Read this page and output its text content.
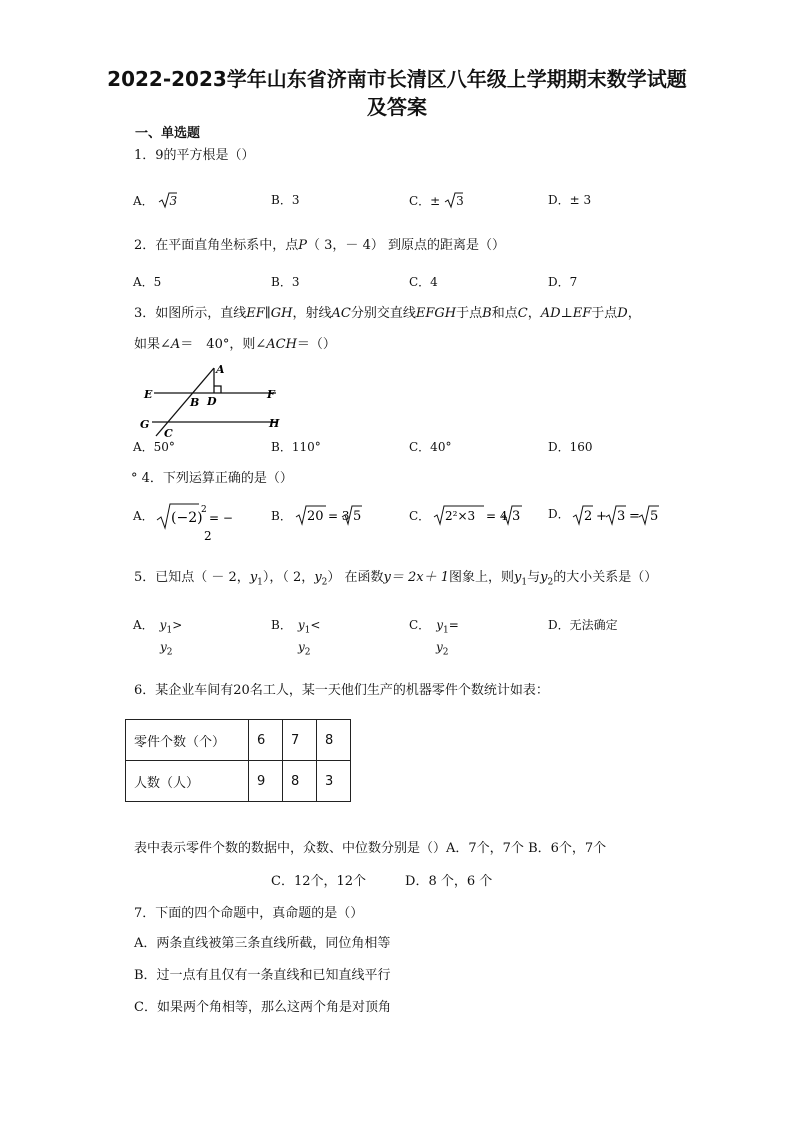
2022-2023学年山东省济南市长清区八年级上学期期末数学试题
及答案
一、单选题
1．9的平方根是（）
A． 3	B．3	C．± 3	D．± 3
2．在平面直角坐标系中，点P（ 3，－ 4） 到原点的距离是（）
A．5	B．3	C．4	D．7
3．如图所示，直线EF∥GH，射线AC分别交直线EFGH于点B和点C，AD⊥EF于点D，
如果∠A＝　40°，则∠ACH＝（）
A
E
B D
F
G	H
C
A．50°	B．110°	C．40°	D．160
° 4．下列运算正确的是（）
A． (−2)
2
= −
2
B． 20 = 3 5	C． 2²×3 = 4 3 D． 2 + 3 = 5
5．已知点（ － 2，$y_1$），（ 2，$y_2$） 在函数y＝ 2x＋ 1图象上，则$y_1$与$y_2$的大小关系是（）
A．  $y_1>$
$y_2$
B．  $y_1<$
$y_2$
C．  $y_1=$
$y_2$
D．无法确定
6．某企业车间有20名工人，某一天他们生产的机器零件个数统计如表：
零件个数（个）	6	7	8
人数（人）	9	8	3
表中表示零件个数的数据中，众数、中位数分别是（）A．7个，7个 B．6个，7个
C．12个，12个　　　D．8 个，6 个
7．下面的四个命题中，真命题的是（）
A．两条直线被第三条直线所截，同位角相等
B．过一点有且仅有一条直线和已知直线平行
C．如果两个角相等，那么这两个角是对顶角
